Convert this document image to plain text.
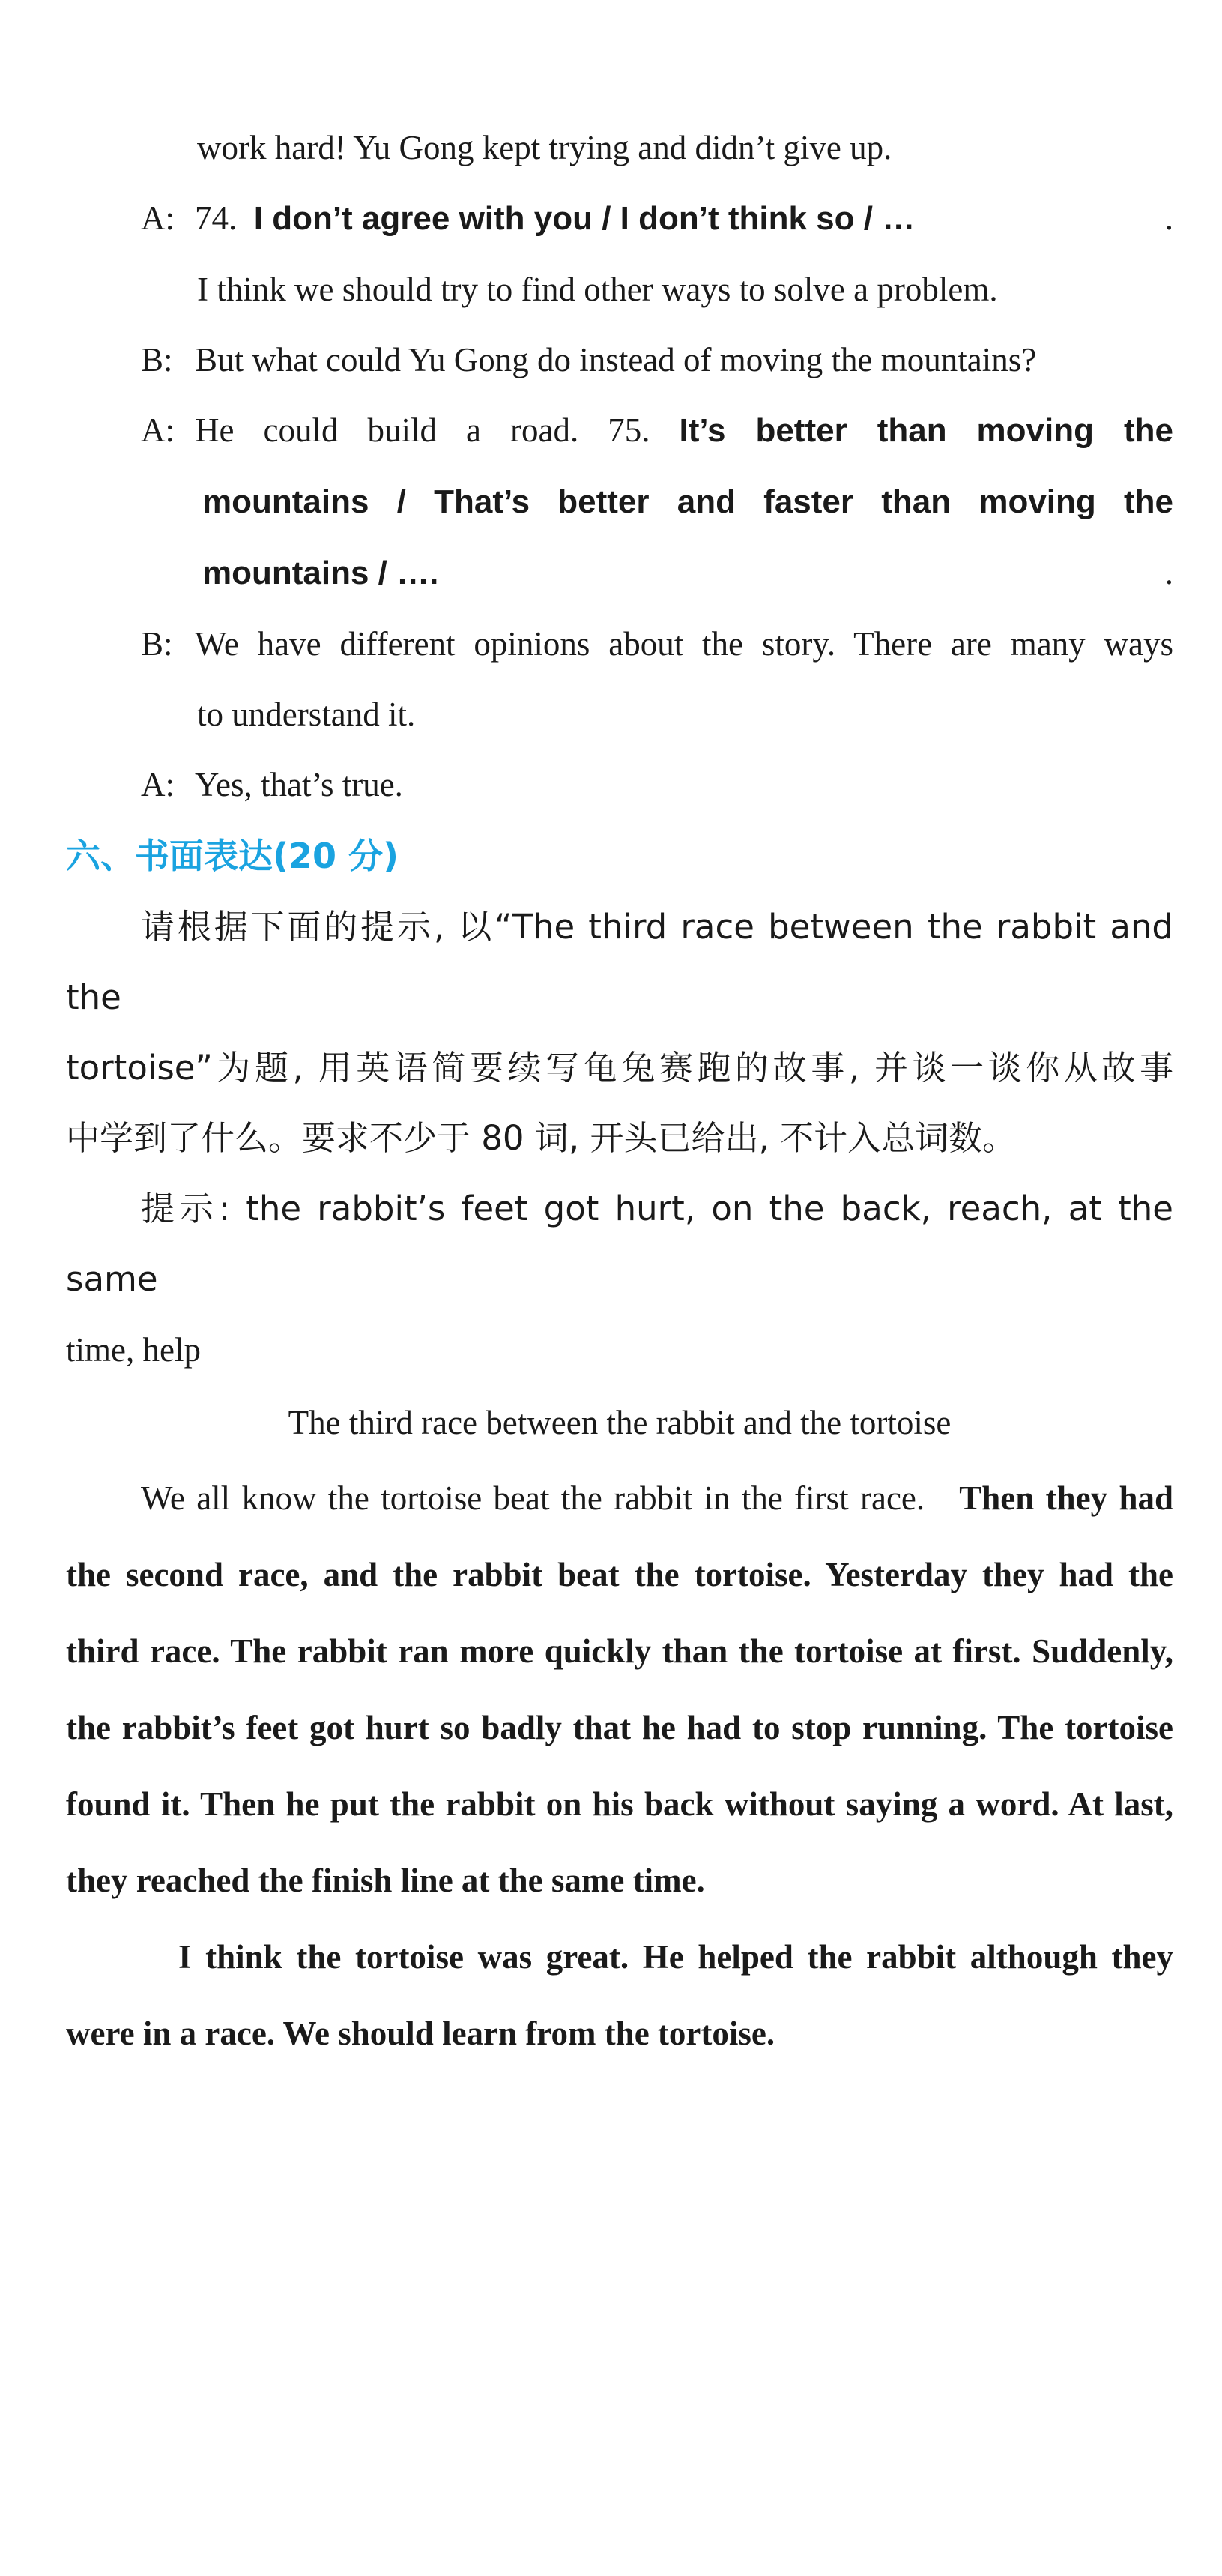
work hard! Yu Gong kept trying and didn’t give up.
A: 74. I don’t agree with you / I don’t think so / …	.
I think we should try to find other ways to solve a problem.
B: But what could Yu Gong do instead of moving the mountains?
A: He could build a road. 75. It’s better than moving the
mountains / That’s better and faster than moving the
mountains / ….	.
B: We have different opinions about the story. There are many ways
to understand it.
A: Yes, that’s true.
六、书面表达(20 分)
请根据下面的提示, 以“The third race between the rabbit and the
tortoise”为题, 用英语简要续写龟兔赛跑的故事, 并谈一谈你从故事
中学到了什么。要求不少于 80 词, 开头已给出, 不计入总词数。
提示: the rabbit’s feet got hurt, on the back, reach, at the same
time, help
The third race between the rabbit and the tortoise
We all know the tortoise beat the rabbit in the first race. Then they had the second race, and the rabbit beat the tortoise. Yesterday they had the third race. The rabbit ran more quickly than the tortoise at first. Suddenly, the rabbit’s feet got hurt so badly that he had to stop running. The tortoise found it. Then he put the rabbit on his back without saying a word. At last, they reached the finish line at the same time.
I think the tortoise was great. He helped the rabbit although they were in a race. We should learn from the tortoise.
